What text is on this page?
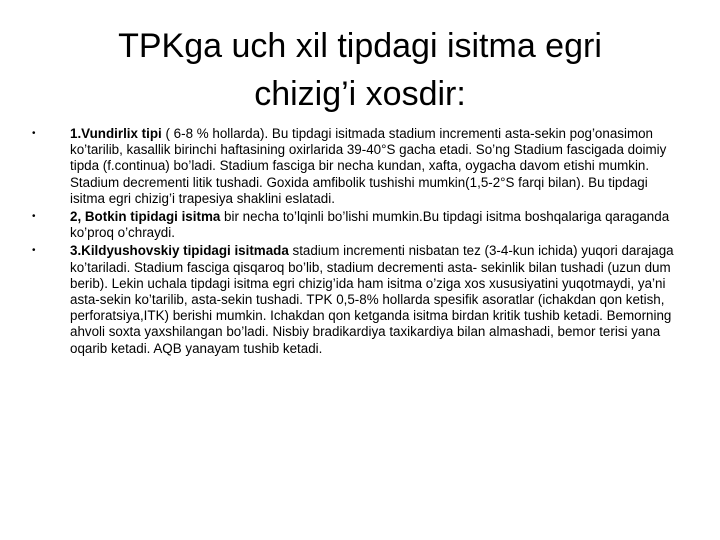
TPKga uch xil tipdagi isitma egri
chizig’i xosdir:
•	1.Vundirlix tipi ( 6-8 % hollarda). Bu tipdagi isitmada stadium incrementi asta-sekin pog’onasimon ko’tarilib, kasallik birinchi haftasining oxirlarida 39-40°S gacha etadi. So’ng Stadium fascigada doimiy tipda (f.continua) bo’ladi. Stadium fasciga bir necha kundan, xafta, oygacha davom etishi mumkin. Stadium decrementi litik tushadi. Goxida amfibolik tushishi mumkin(1,5-2°S farqi bilan). Bu tipdagi isitma egri chizig’i trapesiya shaklini eslatadi.
•	2, Botkin tipidagi isitma bir necha to’lqinli bo’lishi mumkin.Bu tipdagi isitma boshqalariga qaraganda ko’proq o’chraydi.
•	3.Kildyushovskiy tipidagi isitmada stadium incrementi nisbatan tez (3-4-kun ichida) yuqori darajaga ko’tariladi. Stadium fasciga qisqaroq bo’lib, stadium decrementi asta- sekinlik bilan tushadi (uzun dum berib). Lekin uchala tipdagi isitma egri chizig’ida ham isitma o’ziga xos xususiyatini yuqotmaydi, ya’ni asta-sekin ko’tarilib, asta-sekin tushadi. TPK 0,5-8% hollarda spesifik asoratlar (ichakdan qon ketish, perforatsiya,ITK) berishi mumkin. Ichakdan qon ketganda isitma birdan kritik tushib ketadi. Bemorning ahvoli soxta yaxshilangan bo’ladi. Nisbiy bradikardiya taxikardiya bilan almashadi, bemor terisi yana oqarib ketadi. AQB yanayam tushib ketadi.
